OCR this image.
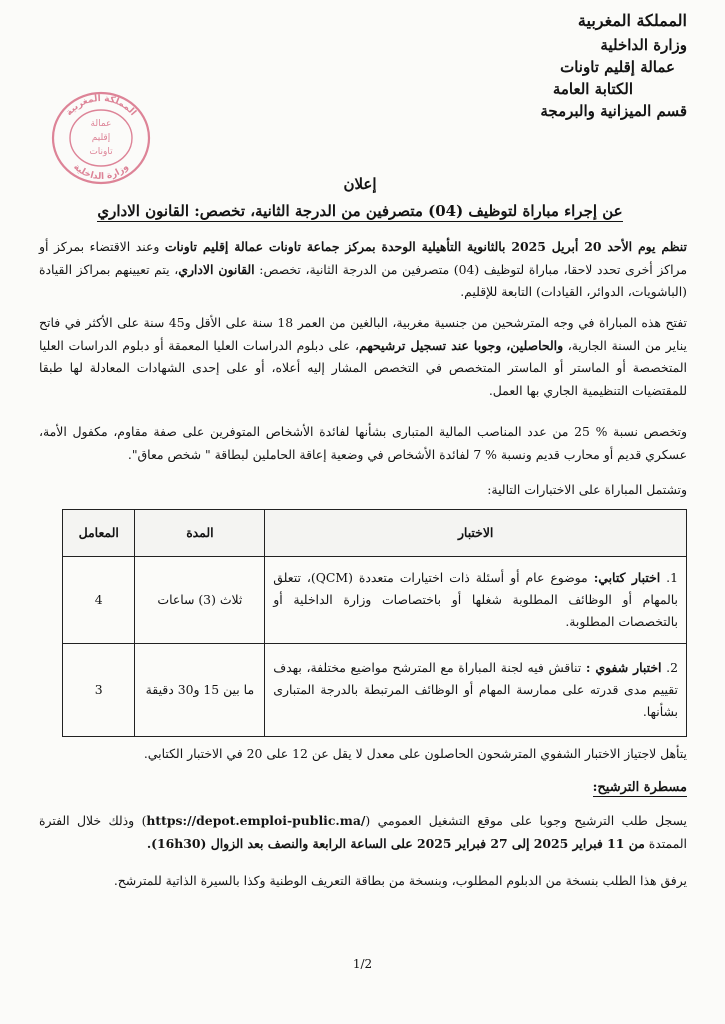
المملكة المغربية
وزارة الداخلية
عمالة إقليم تاونات
الكتابة العامة
قسم الميزانية والبرمجة
المملكة المغربية
وزارة الداخلية
عمالة
إقليم
تاونات
إعلان
عن إجراء مباراة لتوظيف (04) متصرفين من الدرجة الثانية، تخصص: القانون الاداري
تنظم يوم الأحد 20 أبريل 2025 بالثانوية التأهيلية الوحدة بمركز جماعة تاونات عمالة إقليم تاونات وعند الاقتضاء بمركز أو مراكز أخرى تحدد لاحقا، مباراة لتوظيف (04) متصرفين من الدرجة الثانية، تخصص: القانون الاداري، يتم تعيينهم بمراكز القيادة (الباشويات، الدوائر، القيادات) التابعة للإقليم.
تفتح هذه المباراة في وجه المترشحين من جنسية مغربية، البالغين من العمر 18 سنة على الأقل و45 سنة على الأكثر في فاتح يناير من السنة الجارية، والحاصلين، وجوبا عند تسجيل ترشيحهم، على دبلوم الدراسات العليا المعمقة أو دبلوم الدراسات العليا المتخصصة أو الماستر أو الماستر المتخصص في التخصص المشار إليه أعلاه، أو على إحدى الشهادات المعادلة لها طبقا للمقتضيات التنظيمية الجاري بها العمل.
وتخصص نسبة % 25 من عدد المناصب المالية المتبارى بشأنها لفائدة الأشخاص المتوفرين على صفة مقاوم، مكفول الأمة، عسكري قديم أو محارب قديم ونسبة % 7 لفائدة الأشخاص في وضعية إعاقة الحاملين لبطاقة " شخص معاق".
وتشتمل المباراة على الاختبارات التالية:
الاختبار	المدة	المعامل
1. اختبار كتابي: موضوع عام أو أسئلة ذات اختيارات متعددة (QCM)، تتعلق بالمهام أو الوظائف المطلوبة شغلها أو باختصاصات وزارة الداخلية أو بالتخصصات المطلوبة.	ثلاث (3) ساعات	4
2. اختبار شفوي : تناقش فيه لجنة المباراة مع المترشح مواضيع مختلفة، بهدف تقييم مدى قدرته على ممارسة المهام أو الوظائف المرتبطة بالدرجة المتبارى بشأنها.	ما بين 15 و30 دقيقة	3
يتأهل لاجتياز الاختبار الشفوي المترشحون الحاصلون على معدل لا يقل عن 12 على 20 في الاختبار الكتابي.
مسطرة الترشيح:
يسجل طلب الترشيح وجوبا على موقع التشغيل العمومي (https://depot.emploi-public.ma/) وذلك خلال الفترة الممتدة من 11 فبراير 2025 إلى 27 فبراير 2025 على الساعة الرابعة والنصف بعد الزوال (16h30).
يرفق هذا الطلب بنسخة من الدبلوم المطلوب، وبنسخة من بطاقة التعريف الوطنية وكذا بالسيرة الذاتية للمترشح.
1/2
